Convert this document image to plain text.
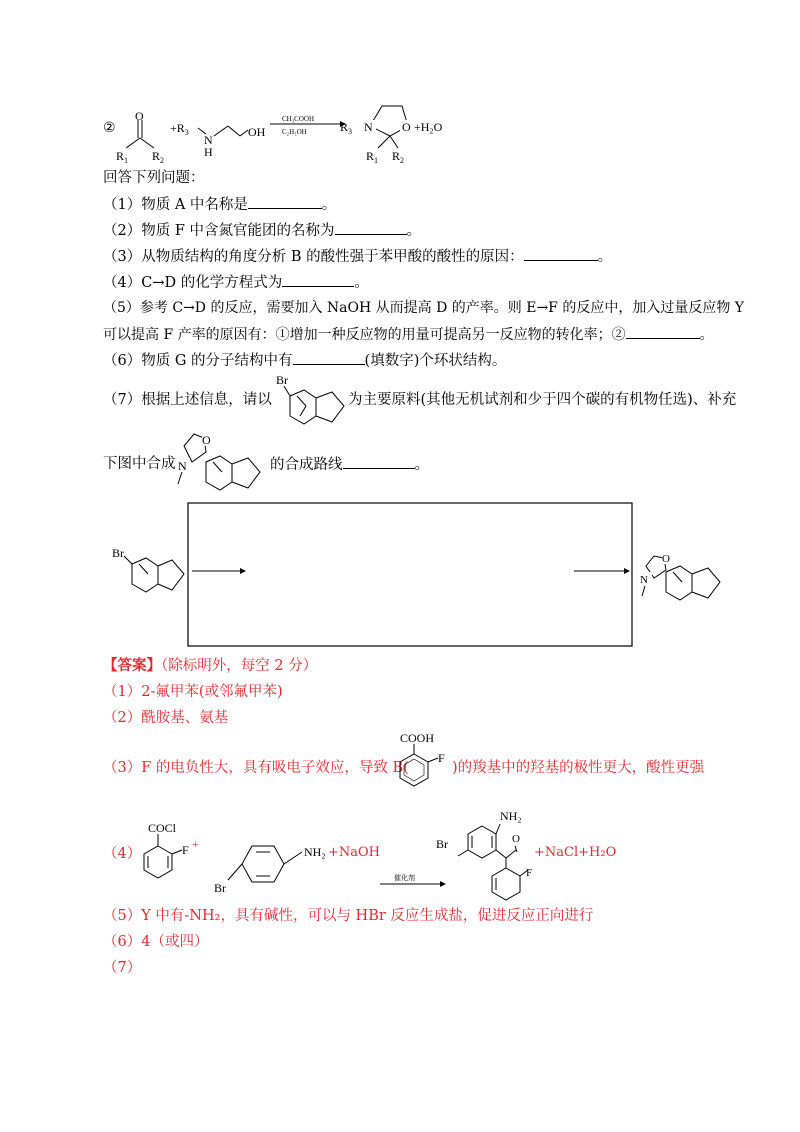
②
O
$R_1$ $R_2$
$+R_3$
N
H
OH
CH₃COOH
C₂H₅OH	N O
$R_3$
$R_1$ $R_2$
+H₂O
回答下列问题：
（1）物质 A 中名称是	。
（2）物质 F 中含氮官能团的名称为	。
（3）从物质结构的角度分析 B 的酸性强于苯甲酸的酸性的原因：	。
（4）C→D 的化学方程式为	。
（5）参考 C→D 的反应，需要加入 NaOH 从而提高 D 的产率。则 E→F 的反应中，加入过量反应物 Y
可以提高 F 产率的原因有：①增加一种反应物的用量可提高另一反应物的转化率；②	。
（6）物质 G 的分子结构中有	(填数字)个环状结构。
（7）根据上述信息，请以
Br
为主要原料(其他无机试剂和少于四个碳的有机物任选)、补充
下图中合成
O
N	的合成路线	。
Br	O
N
【答案】（除标明外，每空 2 分）
（1）2-氟甲苯(或邻氟甲苯)
（2）酰胺基、氨基
（3）F 的电负性大，具有吸电子效应，导致 B(
COOH
F
)的羧基中的羟基的极性更大，酸性更强
（4）
COCl
F +
NH₂
Br
+NaOH
催化剂
NH₂
Br	O
F
+NaCl+H₂O
（5）Y 中有-NH₂，具有碱性，可以与 HBr 反应生成盐，促进反应正向进行
（6）4（或四）
（7）
